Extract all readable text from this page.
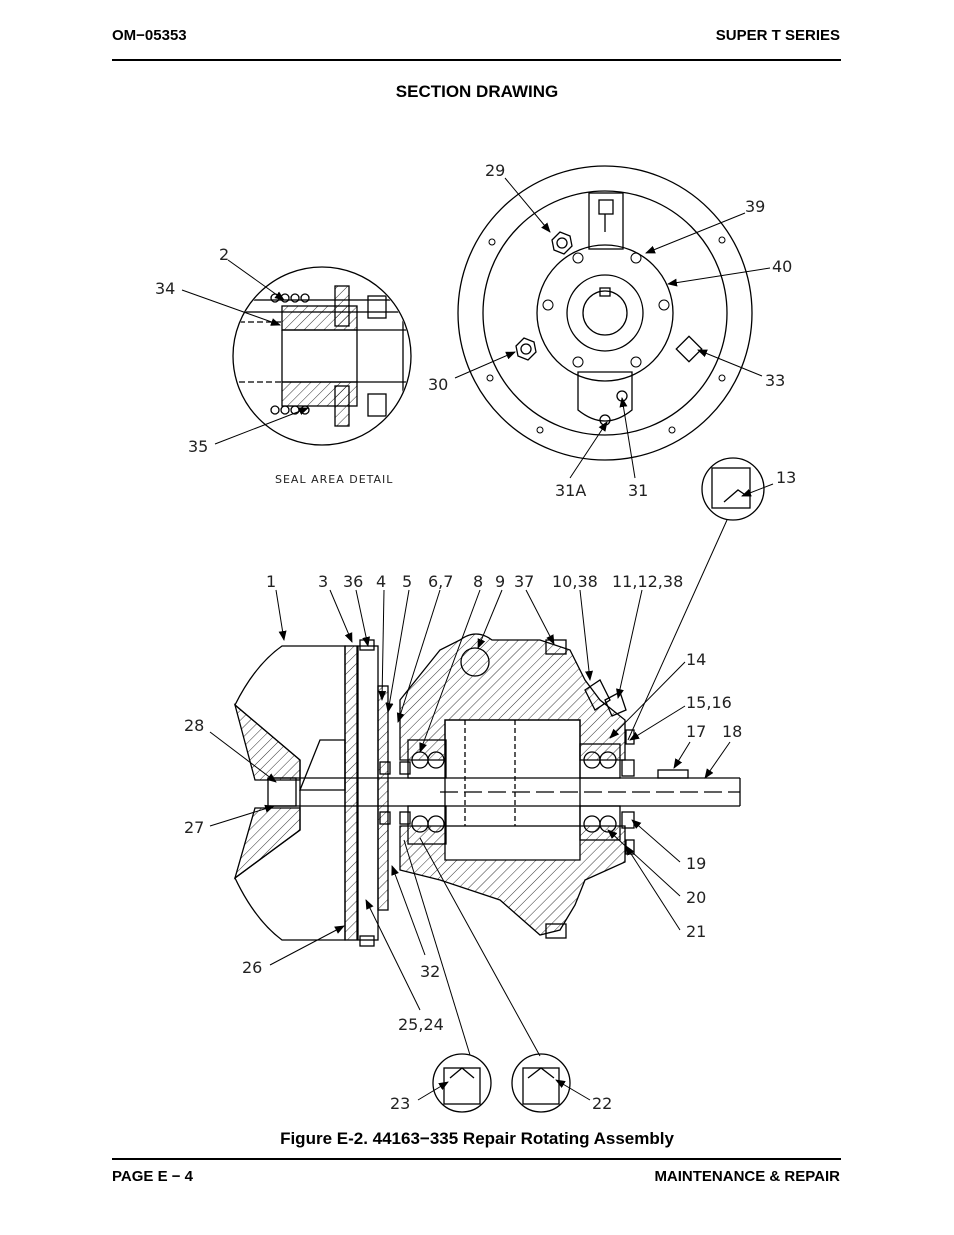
OM−05353	SUPER T SERIES
SECTION DRAWING
2
34
35
SEAL AREA DETAIL
29
39
40
30	33
31A	31
13
1	3 36 4 5 6,7 8 9 37 10,38 11,12,38
14
15,16
17 18
28
27
19
20
21
26	32
25,24
23	22
Figure E-2. 44163−335 Repair Rotating Assembly
PAGE E − 4	MAINTENANCE & REPAIR
